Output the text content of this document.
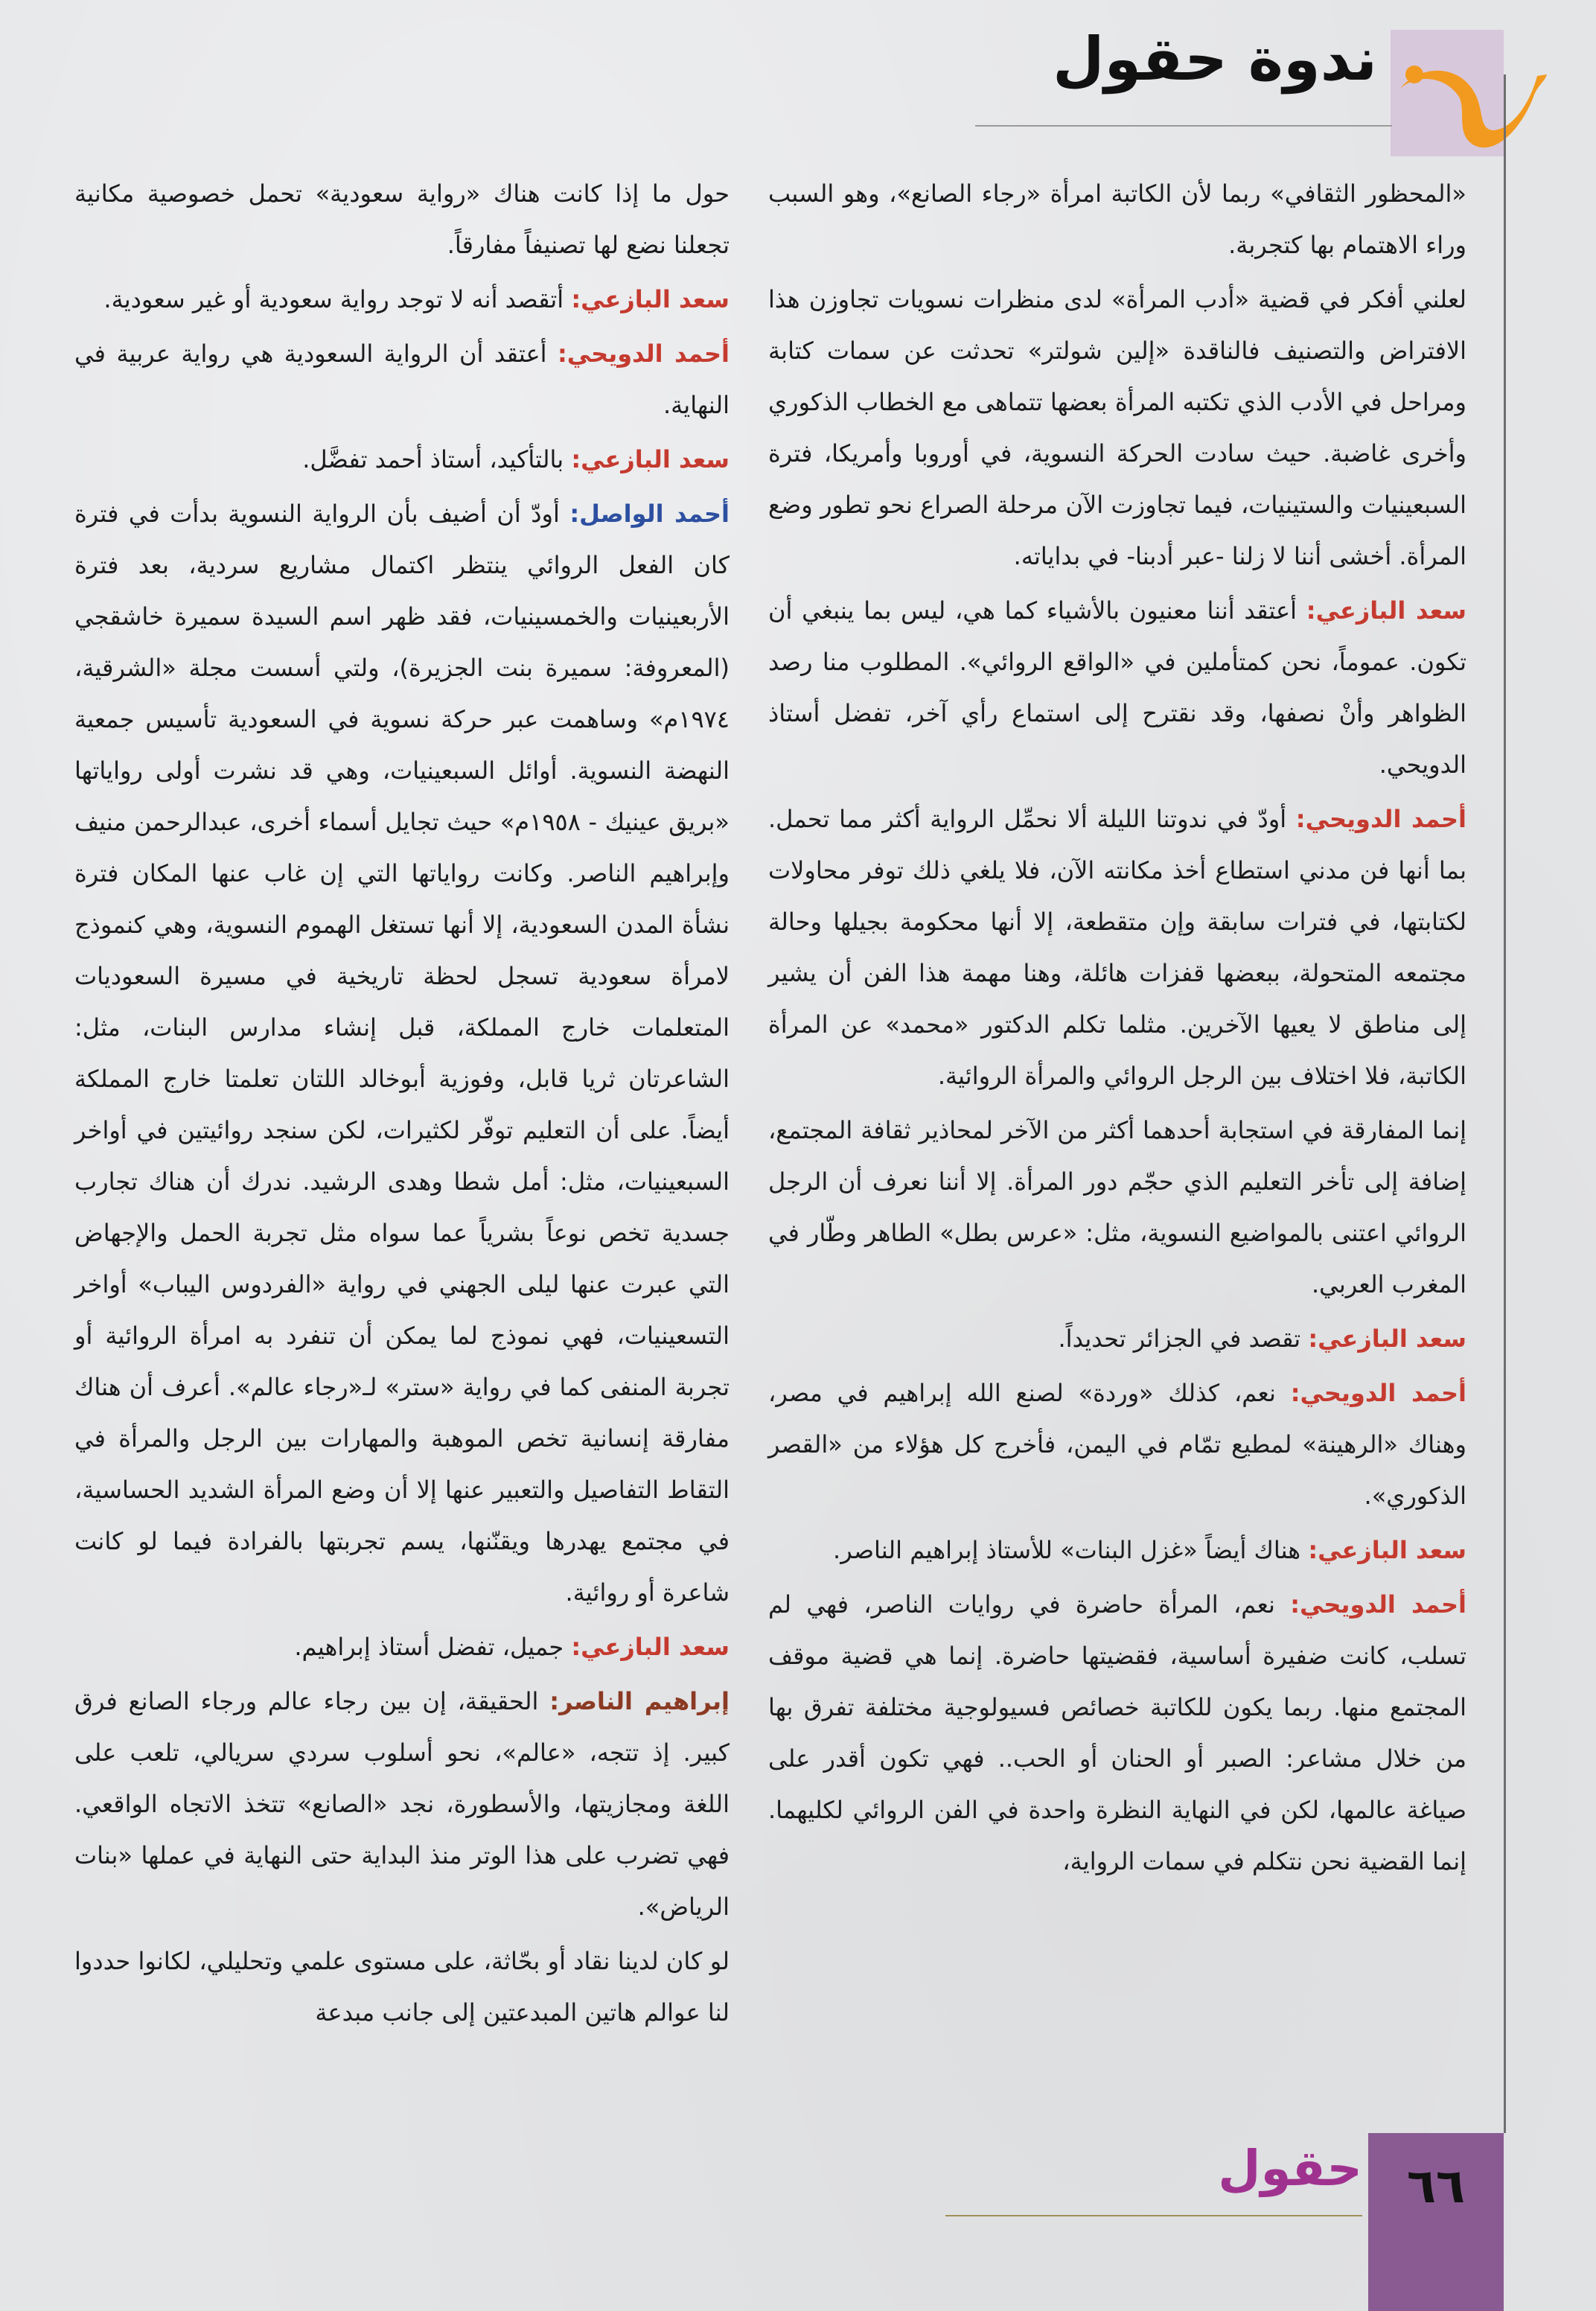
ندوة حقول

«المحظور الثقافي» ربما لأن الكاتبة امرأة «رجاء الصانع»، وهو السبب وراء الاهتمام بها كتجربة.

لعلني أفكر في قضية «أدب المرأة» لدى منظرات نسويات تجاوزن هذا الافتراض والتصنيف فالناقدة «إلين شولتر» تحدثت عن سمات كتابة ومراحل في الأدب الذي تكتبه المرأة بعضها تتماهى مع الخطاب الذكوري وأخرى غاضبة. حيث سادت الحركة النسوية، في أوروبا وأمريكا، فترة السبعينيات والستينيات، فيما تجاوزت الآن مرحلة الصراع نحو تطور وضع المرأة. أخشى أننا لا زلنا -عبر أدبنا- في بداياته.

سعد البازعي: أعتقد أننا معنيون بالأشياء كما هي، ليس بما ينبغي أن تكون. عموماً، نحن كمتأملين في «الواقع الروائي». المطلوب منا رصد الظواهر وأنْ نصفها، وقد نقترح إلى استماع رأي آخر، تفضل أستاذ الدويحي.

أحمد الدويحي: أودّ في ندوتنا الليلة ألا نحمِّل الرواية أكثر مما تحمل. بما أنها فن مدني استطاع أخذ مكانته الآن، فلا يلغي ذلك توفر محاولات لكتابتها، في فترات سابقة وإن متقطعة، إلا أنها محكومة بجيلها وحالة مجتمعه المتحولة، ببعضها قفزات هائلة، وهنا مهمة هذا الفن أن يشير إلى مناطق لا يعيها الآخرين. مثلما تكلم الدكتور «محمد» عن المرأة الكاتبة، فلا اختلاف بين الرجل الروائي والمرأة الروائية.

إنما المفارقة في استجابة أحدهما أكثر من الآخر لمحاذير ثقافة المجتمع، إضافة إلى تأخر التعليم الذي حجّم دور المرأة. إلا أننا نعرف أن الرجل الروائي اعتنى بالمواضيع النسوية، مثل: «عرس بطل» الطاهر وطّار في المغرب العربي.

سعد البازعي: تقصد في الجزائر تحديداً.

أحمد الدويحي: نعم، كذلك «وردة» لصنع الله إبراهيم في مصر، وهناك «الرهينة» لمطيع تمّام في اليمن، فأخرج كل هؤلاء من «القصر الذكوري».

سعد البازعي: هناك أيضاً «غزل البنات» للأستاذ إبراهيم الناصر.

أحمد الدويحي: نعم، المرأة حاضرة في روايات الناصر، فهي لم تسلب، كانت ضفيرة أساسية، فقضيتها حاضرة. إنما هي قضية موقف المجتمع منها. ربما يكون للكاتبة خصائص فسيولوجية مختلفة تفرق بها من خلال مشاعر: الصبر أو الحنان أو الحب.. فهي تكون أقدر على صياغة عالمها، لكن في النهاية النظرة واحدة في الفن الروائي لكليهما. إنما القضية نحن نتكلم في سمات الرواية،

حول ما إذا كانت هناك «رواية سعودية» تحمل خصوصية مكانية تجعلنا نضع لها تصنيفاً مفارقاً.

سعد البازعي: أتقصد أنه لا توجد رواية سعودية أو غير سعودية.

أحمد الدويحي: أعتقد أن الرواية السعودية هي رواية عربية في النهاية.

سعد البازعي: بالتأكيد، أستاذ أحمد تفضَّل.

أحمد الواصل: أودّ أن أضيف بأن الرواية النسوية بدأت في فترة كان الفعل الروائي ينتظر اكتمال مشاريع سردية، بعد فترة الأربعينيات والخمسينيات، فقد ظهر اسم السيدة سميرة خاشقجي (المعروفة: سميرة بنت الجزيرة)، ولتي أسست مجلة «الشرقية، ١٩٧٤م» وساهمت عبر حركة نسوية في السعودية تأسيس جمعية النهضة النسوية. أوائل السبعينيات، وهي قد نشرت أولى رواياتها «بريق عينيك - ١٩٥٨م» حيث تجايل أسماء أخرى، عبدالرحمن منيف وإبراهيم الناصر. وكانت رواياتها التي إن غاب عنها المكان فترة نشأة المدن السعودية، إلا أنها تستغل الهموم النسوية، وهي كنموذج لامرأة سعودية تسجل لحظة تاريخية في مسيرة السعوديات المتعلمات خارج المملكة، قبل إنشاء مدارس البنات، مثل: الشاعرتان ثريا قابل، وفوزية أبوخالد اللتان تعلمتا خارج المملكة أيضاً. على أن التعليم توفّر لكثيرات، لكن سنجد روائيتين في أواخر السبعينيات، مثل: أمل شطا وهدى الرشيد. ندرك أن هناك تجارب جسدية تخص نوعاً بشرياً عما سواه مثل تجربة الحمل والإجهاض التي عبرت عنها ليلى الجهني في رواية «الفردوس اليباب» أواخر التسعينيات، فهي نموذج لما يمكن أن تنفرد به امرأة الروائية أو تجربة المنفى كما في رواية «ستر» لـ«رجاء عالم». أعرف أن هناك مفارقة إنسانية تخص الموهبة والمهارات بين الرجل والمرأة في التقاط التفاصيل والتعبير عنها إلا أن وضع المرأة الشديد الحساسية، في مجتمع يهدرها ويقنّنها، يسم تجربتها بالفرادة فيما لو كانت شاعرة أو روائية.

سعد البازعي: جميل، تفضل أستاذ إبراهيم.

إبراهيم الناصر: الحقيقة، إن بين رجاء عالم ورجاء الصانع فرق كبير. إذ تتجه، «عالم»، نحو أسلوب سردي سريالي، تلعب على اللغة ومجازيتها، والأسطورة، نجد «الصانع» تتخذ الاتجاه الواقعي. فهي تضرب على هذا الوتر منذ البداية حتى النهاية في عملها «بنات الرياض».

لو كان لدينا نقاد أو بحّاثة، على مستوى علمي وتحليلي، لكانوا حددوا لنا عوالم هاتين المبدعتين إلى جانب مبدعة

حقول ٦٦
